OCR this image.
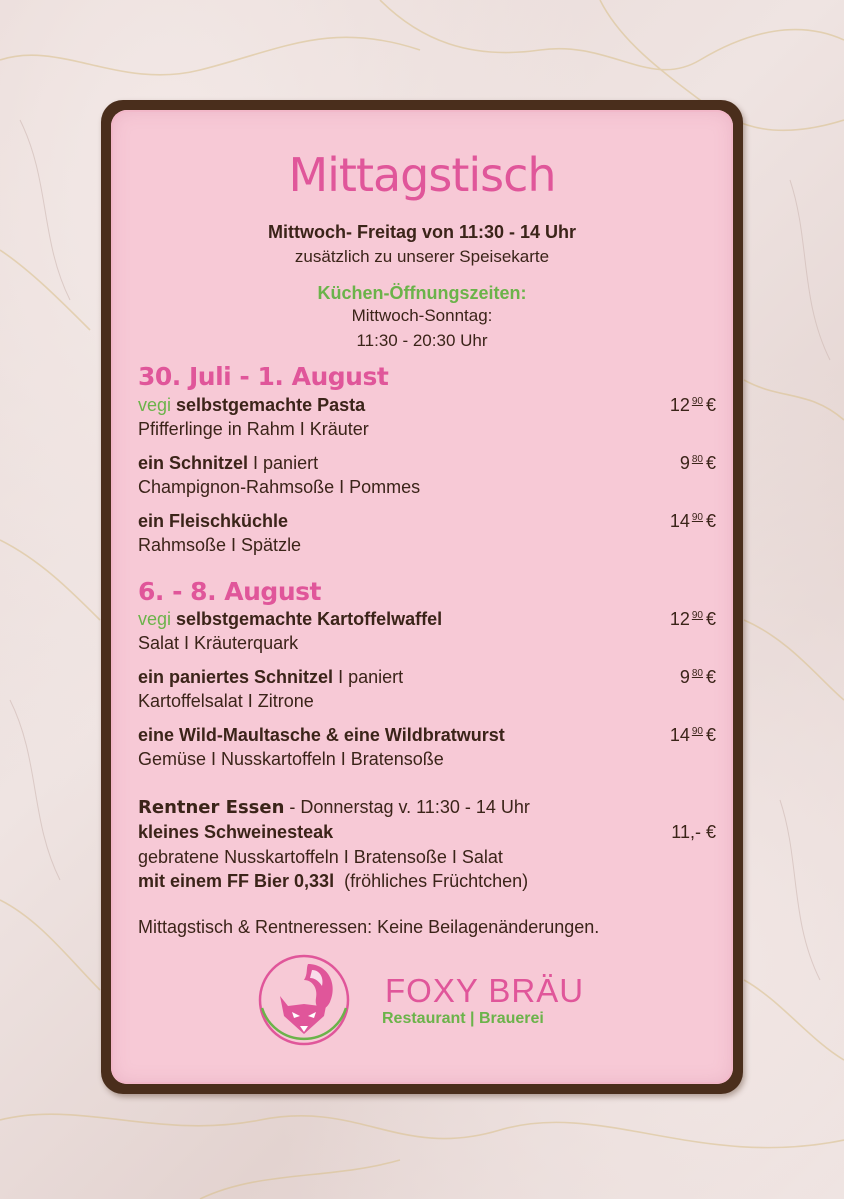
Mittagstisch
Mittwoch- Freitag von 11:30 - 14 Uhr
zusätzlich zu unserer Speisekarte
Küchen-Öffnungszeiten:
Mittwoch-Sonntag:
11:30 - 20:30 Uhr
30. Juli - 1. August
vegi selbstgemachte Pasta	12 $^{90}$ €
Pfifferlinge in Rahm I Kräuter
ein Schnitzel I paniert	9 $^{80}$ €
Champignon-Rahmsoße I Pommes
ein Fleischküchle	14 $^{90}$ €
Rahmsoße I Spätzle
6. - 8. August
vegi selbstgemachte Kartoffelwaffel	12 $^{90}$ €
Salat I Kräuterquark
ein paniertes Schnitzel I paniert	9 $^{80}$ €
Kartoffelsalat I Zitrone
eine Wild-Maultasche & eine Wildbratwurst	14 $^{90}$ €
Gemüse I Nusskartoffeln I Bratensoße
Rentner Essen - Donnerstag v. 11:30 - 14 Uhr
kleines Schweinesteak	11,- €
gebratene Nusskartoffeln I Bratensoße I Salat
mit einem FF Bier 0,33l  (fröhliches Früchtchen)
Mittagstisch & Rentneressen: Keine Beilagenänderungen.
FOXY BRÄU
Restaurant | Brauerei
